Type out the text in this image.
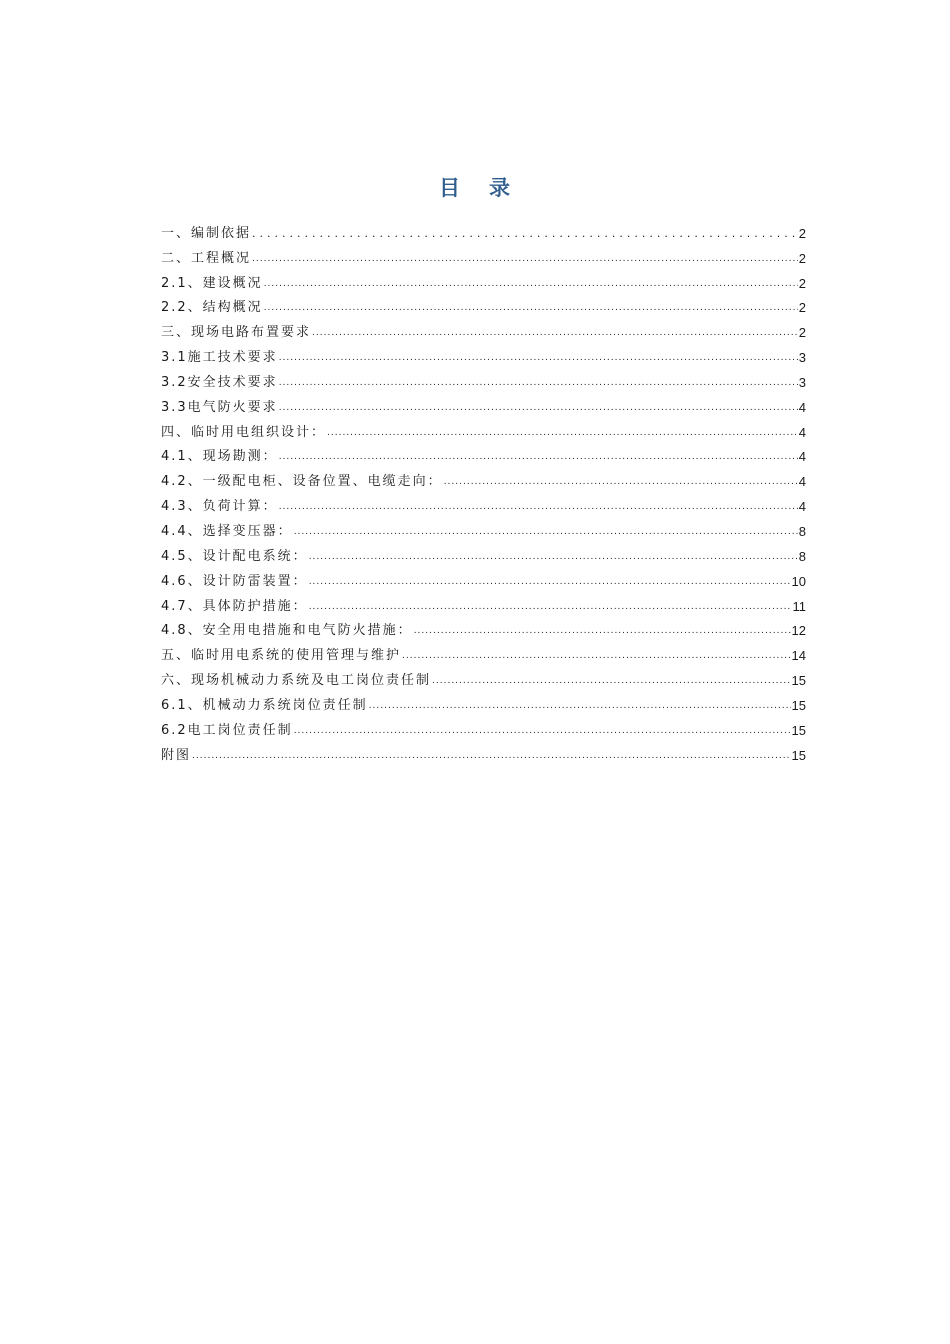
目 录
一、编制依据 .....	2
二、工程概况 .....	2
2.1、建设概况 .....	2
2.2、结构概况 .....	2
三、现场电路布置要求 .....	2
3.1施工技术要求 .....	3
3.2安全技术要求 .....	3
3.3电气防火要求 .....	4
四、临时用电组织设计： .....	4
4.1、现场勘测： .....	4
4.2、一级配电柜、设备位置、电缆走向： .....	4
4.3、负荷计算： .....	4
4.4、选择变压器： .....	8
4.5、设计配电系统： .....	8
4.6、设计防雷装置： .....	10
4.7、具体防护措施： .....	11
4.8、安全用电措施和电气防火措施： .....	12
五、临时用电系统的使用管理与维护 .....	14
六、现场机械动力系统及电工岗位责任制 .....	15
6.1、机械动力系统岗位责任制 .....	15
6.2电工岗位责任制 .....	15
附图 .....	15
